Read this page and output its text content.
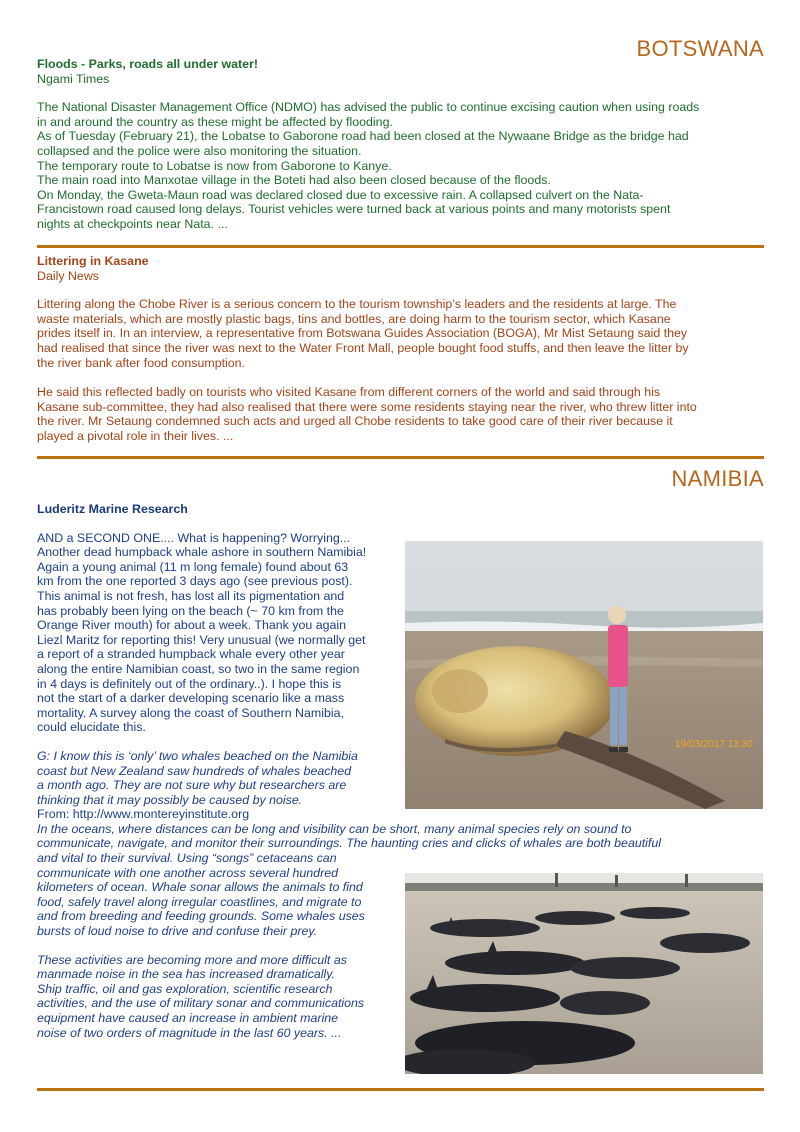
BOTSWANA

Floods - Parks, roads all under water!

Ngami Times

The National Disaster Management Office (NDMO) has advised the public to continue excising caution when using roads
in and around the country as these might be affected by flooding.
As of Tuesday (February 21), the Lobatse to Gaborone road had been closed at the Nywaane Bridge as the bridge had
collapsed and the police were also monitoring the situation.
The temporary route to Lobatse is now from Gaborone to Kanye.
The main road into Manxotae village in the Boteti had also been closed because of the floods.
On Monday, the Gweta-Maun road was declared closed due to excessive rain. A collapsed culvert on the Nata-
Francistown road caused long delays. Tourist vehicles were turned back at various points and many motorists spent
nights at checkpoints near Nata. ...

Littering in Kasane

Daily News

Littering along the Chobe River is a serious concern to the tourism township’s leaders and the residents at large. The
waste materials, which are mostly plastic bags, tins and bottles, are doing harm to the tourism sector, which Kasane
prides itself in. In an interview, a representative from Botswana Guides Association (BOGA), Mr Mist Setaung said they
had realised that since the river was next to the Water Front Mall, people bought food stuffs, and then leave the litter by
the river bank after food consumption.
He said this reflected badly on tourists who visited Kasane from different corners of the world and said through his
Kasane sub-committee, they had also realised that there were some residents staying near the river, who threw litter into
the river. Mr Setaung condemned such acts and urged all Chobe residents to take good care of their river because it
played a pivotal role in their lives. ...
NAMIBIA

Luderitz Marine Research

AND a SECOND ONE.... What is happening? Worrying...
Another dead humpback whale ashore in southern Namibia!
Again a young animal (11 m long female) found about 63
km from the one reported 3 days ago (see previous post).
This animal is not fresh, has lost all its pigmentation and
has probably been lying on the beach (~ 70 km from the
Orange River mouth) for about a week. Thank you again
Liezl Maritz for reporting this! Very unusual (we normally get
a report of a stranded humpback whale every other year
along the entire Namibian coast, so two in the same region
in 4 days is definitely out of the ordinary..). I hope this is
not the start of a darker developing scenario like a mass
mortality. A survey along the coast of Southern Namibia,
could elucidate this.
G: I know this is ‘only’ two whales beached on the Namibia
coast but New Zealand saw hundreds of whales beached
a month ago. They are not sure why but researchers are
thinking that it may possibly be caused by noise.
From: http://www.montereyinstitute.org
In the oceans, where distances can be long and visibility can be short, many animal species rely on sound to
communicate, navigate, and monitor their surroundings. The haunting cries and clicks of whales are both beautiful
and vital to their survival. Using “songs” cetaceans can
communicate with one another across several hundred
kilometers of ocean. Whale sonar allows the animals to find
food, safely travel along irregular coastlines, and migrate to
and from breeding and feeding grounds. Some whales uses
bursts of loud noise to drive and confuse their prey.
These activities are becoming more and more difficult as
manmade noise in the sea has increased dramatically.
Ship traffic, oil and gas exploration, scientific research
activities, and the use of military sonar and communications
equipment have caused an increase in ambient marine
noise of two orders of magnitude in the last 60 years. ...
19/03/2017 13:30
